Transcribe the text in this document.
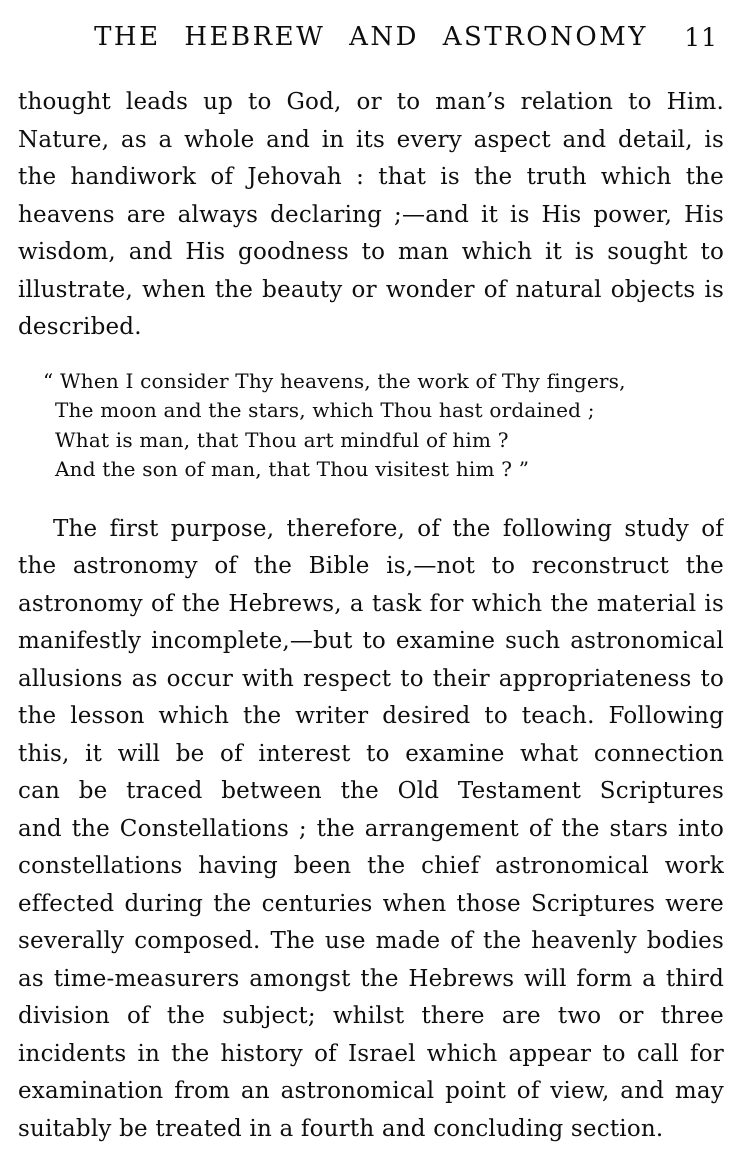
THE HEBREW AND ASTRONOMY	11
thought leads up to God, or to man’s relation to Him.
Nature, as a whole and in its every aspect and detail, is
the handiwork of Jehovah : that is the truth which the
heavens are always declaring ;—and it is His power, His
wisdom, and His goodness to man which it is sought to
illustrate, when the beauty or wonder of natural objects is
described.
“ When I consider Thy heavens, the work of Thy fingers,
The moon and the stars, which Thou hast ordained ;
What is man, that Thou art mindful of him ?
And the son of man, that Thou visitest him ? ”
The first purpose, therefore, of the following study of
the astronomy of the Bible is,—not to reconstruct the
astronomy of the Hebrews, a task for which the material is
manifestly incomplete,—but to examine such astronomical
allusions as occur with respect to their appropriateness to
the lesson which the writer desired to teach. Following
this, it will be of interest to examine what connection
can be traced between the Old Testament Scriptures
and the Constellations ; the arrangement of the stars into
constellations having been the chief astronomical work
effected during the centuries when those Scriptures were
severally composed. The use made of the heavenly bodies
as time-measurers amongst the Hebrews will form a third
division of the subject; whilst there are two or three
incidents in the history of Israel which appear to call for
examination from an astronomical point of view, and may
suitably be treated in a fourth and concluding section.
